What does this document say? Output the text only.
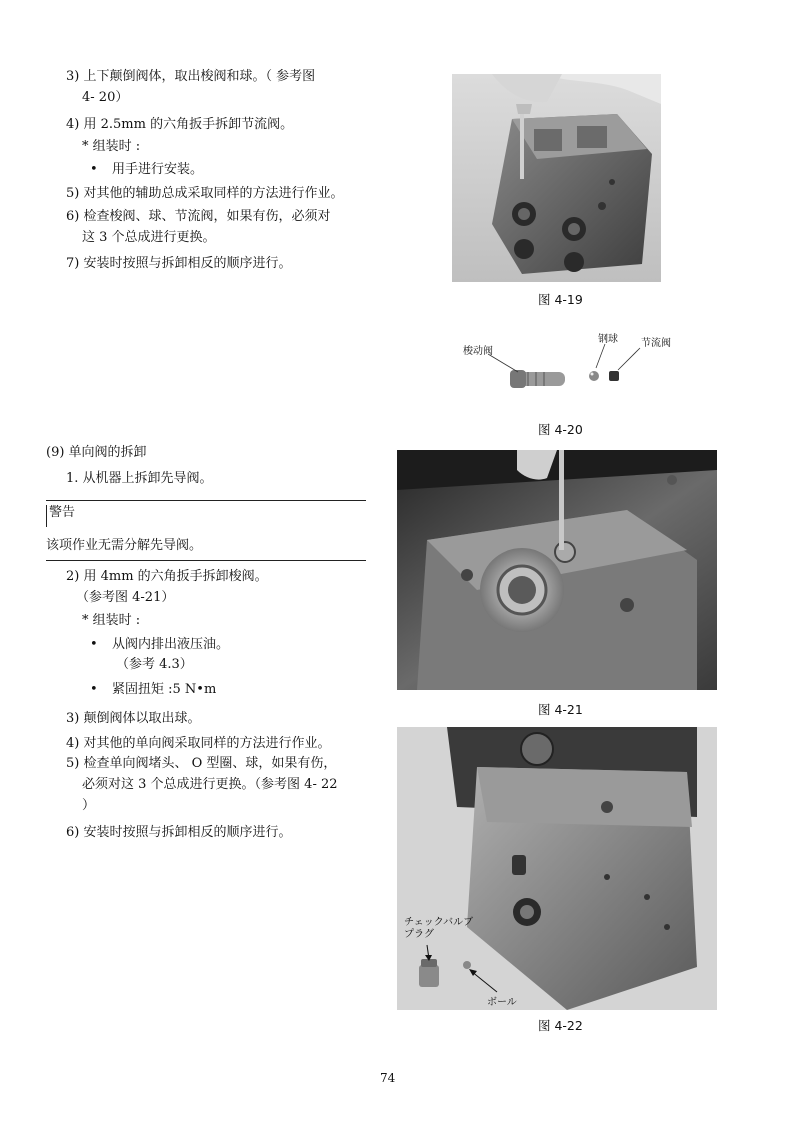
3) 上下颠倒阀体，取出梭阀和球。（ 参考图
4- 20）
4) 用 2.5mm 的六角扳手拆卸节流阀。
* 组装时 :
• 用手进行安装。
5) 对其他的辅助总成采取同样的方法进行作业。
6) 检查梭阀、球、节流阀，如果有伤，必须对
这 3 个总成进行更换。
7) 安装时按照与拆卸相反的顺序进行。
图 4-19
梭动阀
钢球 节流阀
图 4-20
(9) 单向阀的拆卸
1. 从机器上拆卸先导阀。
警告
该项作业无需分解先导阀。
2) 用 4mm 的六角扳手拆卸梭阀。
（参考图 4-21）
* 组装时 :
• 从阀内排出液压油。
（参考 4.3）
• 紧固扭矩 :5 N•m
3) 颠倒阀体以取出球。
4) 对其他的单向阀采取同样的方法进行作业。
5) 检查单向阀堵头、 O 型圈、球，如果有伤，
必须对这 3 个总成进行更换。（参考图 4- 22
）
6) 安装时按照与拆卸相反的顺序进行。
图 4-21
チェックバルブ
プラグ
ボール
图 4-22
74
